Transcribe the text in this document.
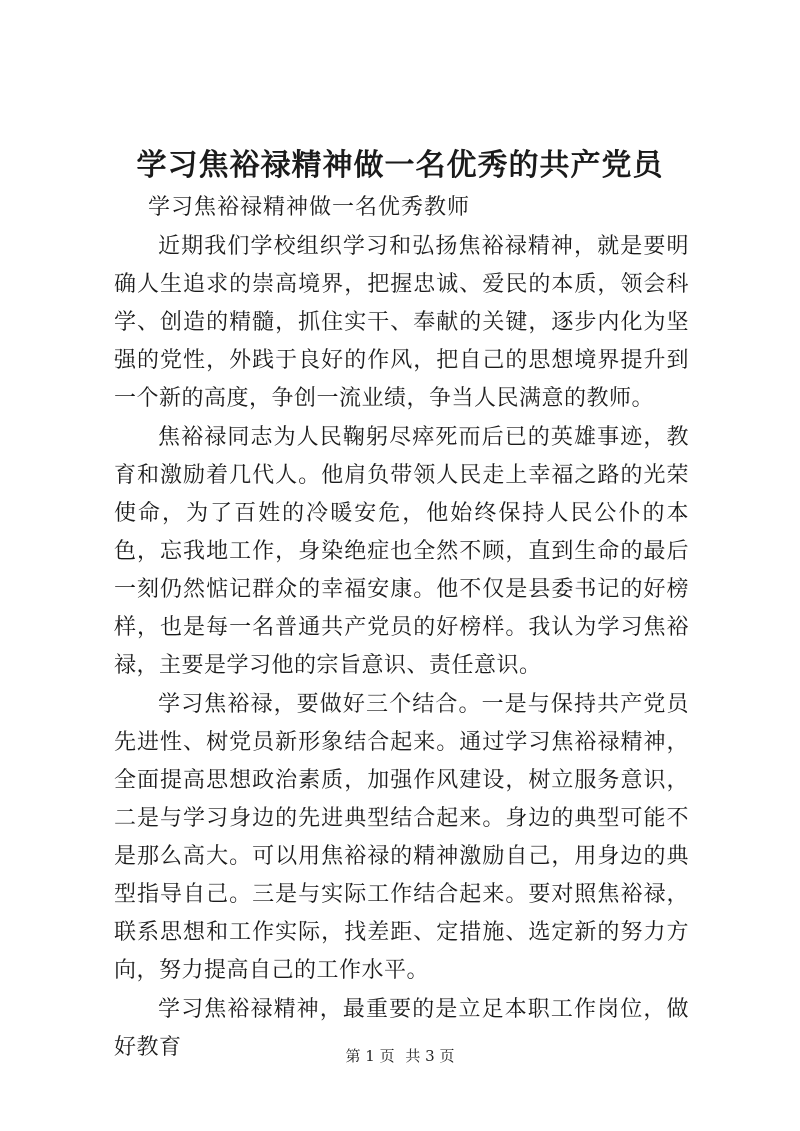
学习焦裕禄精神做一名优秀的共产党员

学习焦裕禄精神做一名优秀教师

近期我们学校组织学习和弘扬焦裕禄精神，就是要明确人生追求的崇高境界，把握忠诚、爱民的本质，领会科学、创造的精髓，抓住实干、奉献的关键，逐步内化为坚强的党性，外践于良好的作风，把自己的思想境界提升到一个新的高度，争创一流业绩，争当人民满意的教师。

焦裕禄同志为人民鞠躬尽瘁死而后已的英雄事迹，教育和激励着几代人。他肩负带领人民走上幸福之路的光荣使命，为了百姓的冷暖安危，他始终保持人民公仆的本色，忘我地工作，身染绝症也全然不顾，直到生命的最后一刻仍然惦记群众的幸福安康。他不仅是县委书记的好榜样，也是每一名普通共产党员的好榜样。我认为学习焦裕禄，主要是学习他的宗旨意识、责任意识。

学习焦裕禄，要做好三个结合。一是与保持共产党员先进性、树党员新形象结合起来。通过学习焦裕禄精神，全面提高思想政治素质，加强作风建设，树立服务意识，二是与学习身边的先进典型结合起来。身边的典型可能不是那么高大。可以用焦裕禄的精神激励自己，用身边的典型指导自己。三是与实际工作结合起来。要对照焦裕禄，联系思想和工作实际，找差距、定措施、选定新的努力方向，努力提高自己的工作水平。

学习焦裕禄精神，最重要的是立足本职工作岗位，做好教育	第 1 页 共 3 页
